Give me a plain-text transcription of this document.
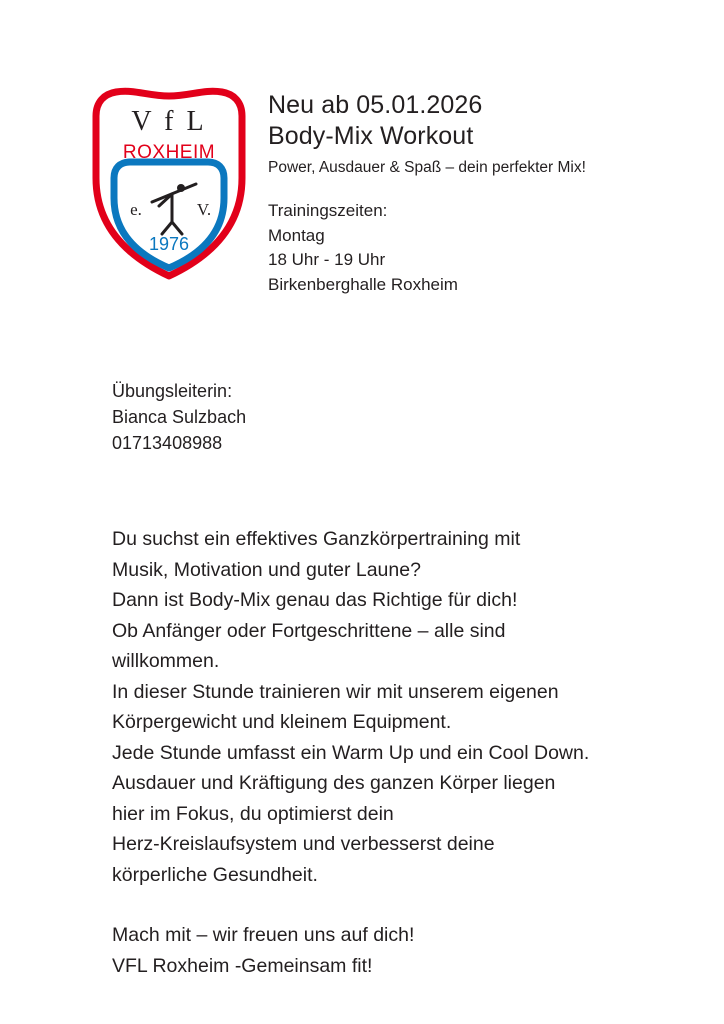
V f L
ROXHEIM
e.	V.
1976
Neu ab 05.01.2026
Body-Mix Workout
Power, Ausdauer & Spaß – dein perfekter Mix!
Trainingszeiten:
Montag
18 Uhr - 19 Uhr
Birkenberghalle Roxheim
Übungsleiterin:
Bianca Sulzbach
01713408988

Du suchst ein effektives Ganzkörpertraining mit

Musik, Motivation und guter Laune?

Dann ist Body-Mix genau das Richtige für dich!

Ob Anfänger oder Fortgeschrittene – alle sind

willkommen.

In dieser Stunde trainieren wir mit unserem eigenen

Körpergewicht und kleinem Equipment.

Jede Stunde umfasst ein Warm Up und ein Cool Down.

Ausdauer und Kräftigung des ganzen Körper liegen

hier im Fokus, du optimierst dein

Herz-Kreislaufsystem und verbesserst deine

körperliche Gesundheit.

Mach mit – wir freuen uns auf dich!

VFL Roxheim -Gemeinsam fit!
